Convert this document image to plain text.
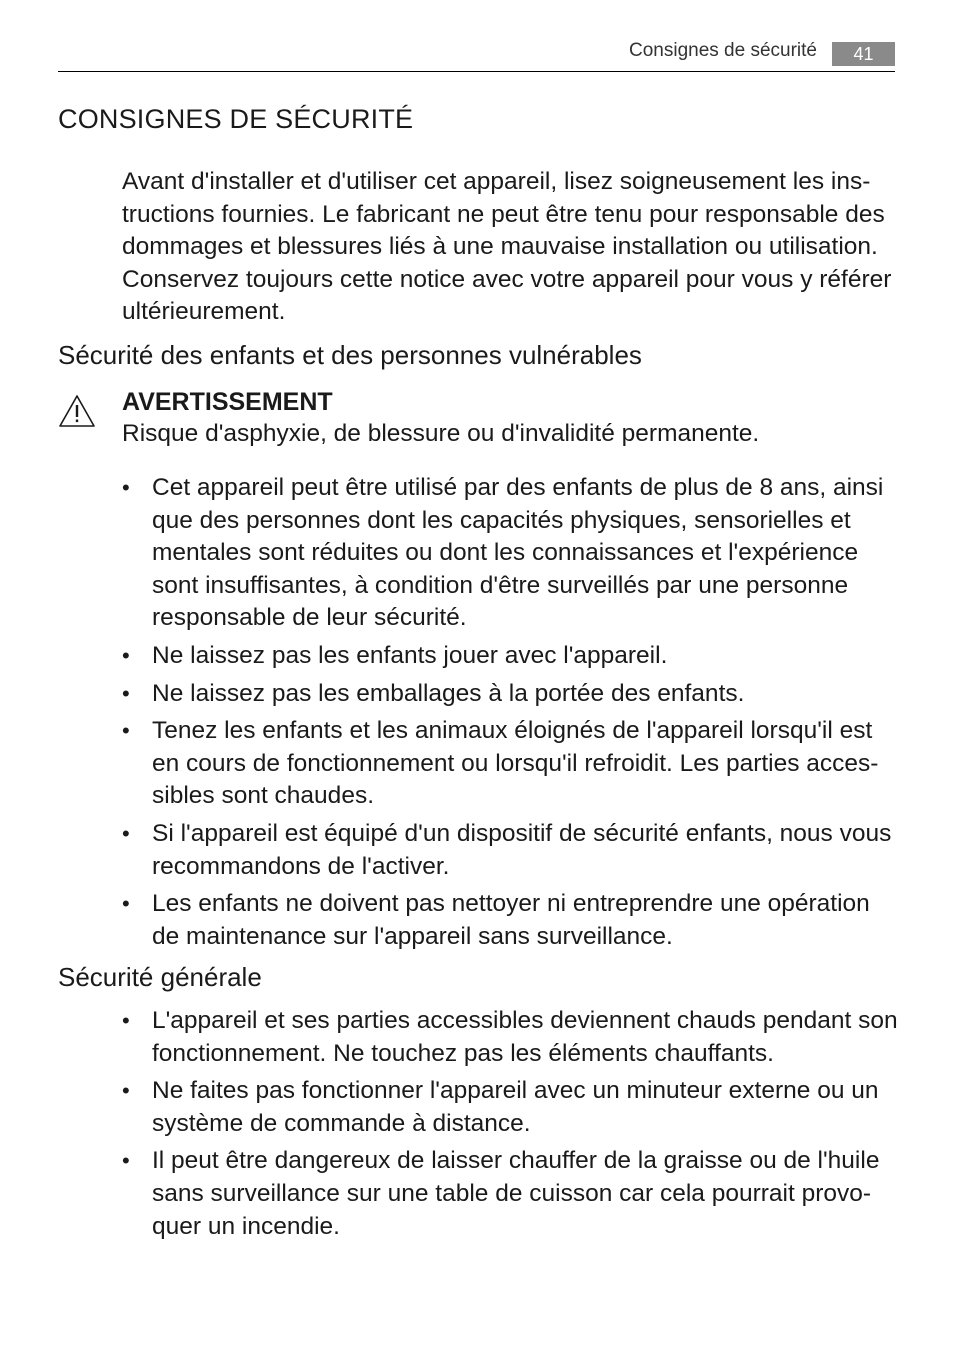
Consignes de sécurité	41
CONSIGNES DE SÉCURITÉ

Avant d'installer et d'utiliser cet appareil, lisez soigneusement les ins-tructions fournies. Le fabricant ne peut être tenu pour responsable des dommages et blessures liés à une mauvaise installation ou utilisation. Conservez toujours cette notice avec votre appareil pour vous y référer ultérieurement.

Sécurité des enfants et des personnes vulnérables
AVERTISSEMENT
Risque d'asphyxie, de blessure ou d'invalidité permanente.
• Cet appareil peut être utilisé par des enfants de plus de 8 ans, ainsi que des personnes dont les capacités physiques, sensorielles et mentales sont réduites ou dont les connaissances et l'expérience sont insuffisantes, à condition d'être surveillés par une personne responsable de leur sécurité.
• Ne laissez pas les enfants jouer avec l'appareil.
• Ne laissez pas les emballages à la portée des enfants.
• Tenez les enfants et les animaux éloignés de l'appareil lorsqu'il est en cours de fonctionnement ou lorsqu'il refroidit. Les parties acces-sibles sont chaudes.
• Si l'appareil est équipé d'un dispositif de sécurité enfants, nous vous recommandons de l'activer.
• Les enfants ne doivent pas nettoyer ni entreprendre une opération de maintenance sur l'appareil sans surveillance.
Sécurité générale
• L'appareil et ses parties accessibles deviennent chauds pendant son fonctionnement. Ne touchez pas les éléments chauffants.
• Ne faites pas fonctionner l'appareil avec un minuteur externe ou un système de commande à distance.
• Il peut être dangereux de laisser chauffer de la graisse ou de l'huile sans surveillance sur une table de cuisson car cela pourrait provo-quer un incendie.
